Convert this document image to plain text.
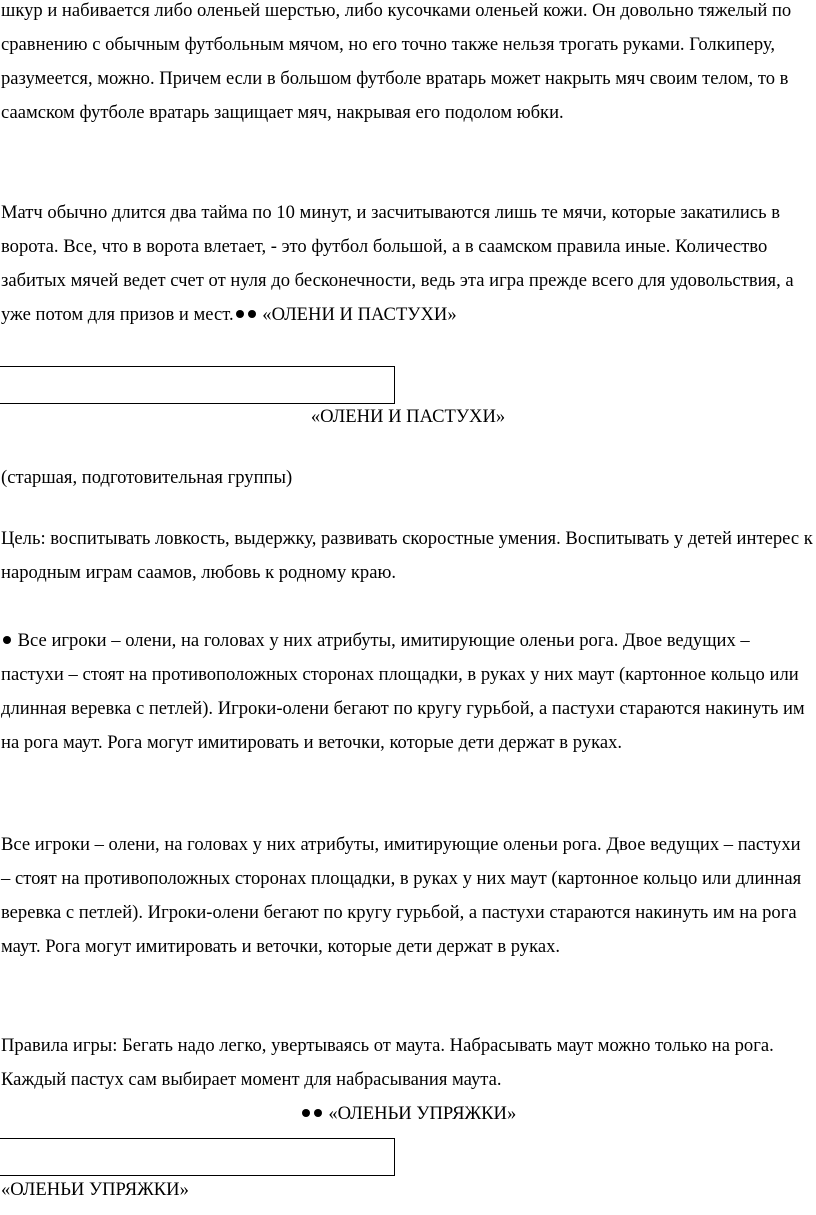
шкур и набивается либо оленьей шерстью, либо кусочками оленьей кожи. Он довольно тяжелый по сравнению с обычным футбольным мячом, но его точно также нельзя трогать руками. Голкиперу, разумеется, можно. Причем если в большом футболе вратарь может накрыть мяч своим телом, то в саамском футболе вратарь защищает мяч, накрывая его подолом юбки.

Матч обычно длится два тайма по 10 минут, и засчитываются лишь те мячи, которые закатились в ворота. Все, что в ворота влетает, - это футбол большой, а в саамском правила иные. Количество забитых мячей ведет счет от нуля до бесконечности, ведь эта игра прежде всего для удовольствия, а уже потом для призов и мест. «ОЛЕНИ И ПАСТУХИ»

«ОЛЕНИ И ПАСТУХИ»

(старшая, подготовительная группы)

Цель: воспитывать ловкость, выдержку, развивать скоростные умения. Воспитывать у детей интерес к народным играм саамов, любовь к родному краю.

Все игроки – олени, на головах у них атрибуты, имитирующие оленьи рога. Двое ведущих – пастухи – стоят на противоположных сторонах площадки, в руках у них маут (картонное кольцо или длинная веревка с петлей). Игроки-олени бегают по кругу гурьбой, а пастухи стараются накинуть им на рога маут. Рога могут имитировать и веточки, которые дети держат в руках.

Все игроки – олени, на головах у них атрибуты, имитирующие оленьи рога. Двое ведущих – пастухи – стоят на противоположных сторонах площадки, в руках у них маут (картонное кольцо или длинная веревка с петлей). Игроки-олени бегают по кругу гурьбой, а пастухи стараются накинуть им на рога маут. Рога могут имитировать и веточки, которые дети держат в руках.

Правила игры: Бегать надо легко, увертываясь от маута. Набрасывать маут можно только на рога. Каждый пастух сам выбирает момент для набрасывания маута.

«ОЛЕНЬИ УПРЯЖКИ»

«ОЛЕНЬИ УПРЯЖКИ»
